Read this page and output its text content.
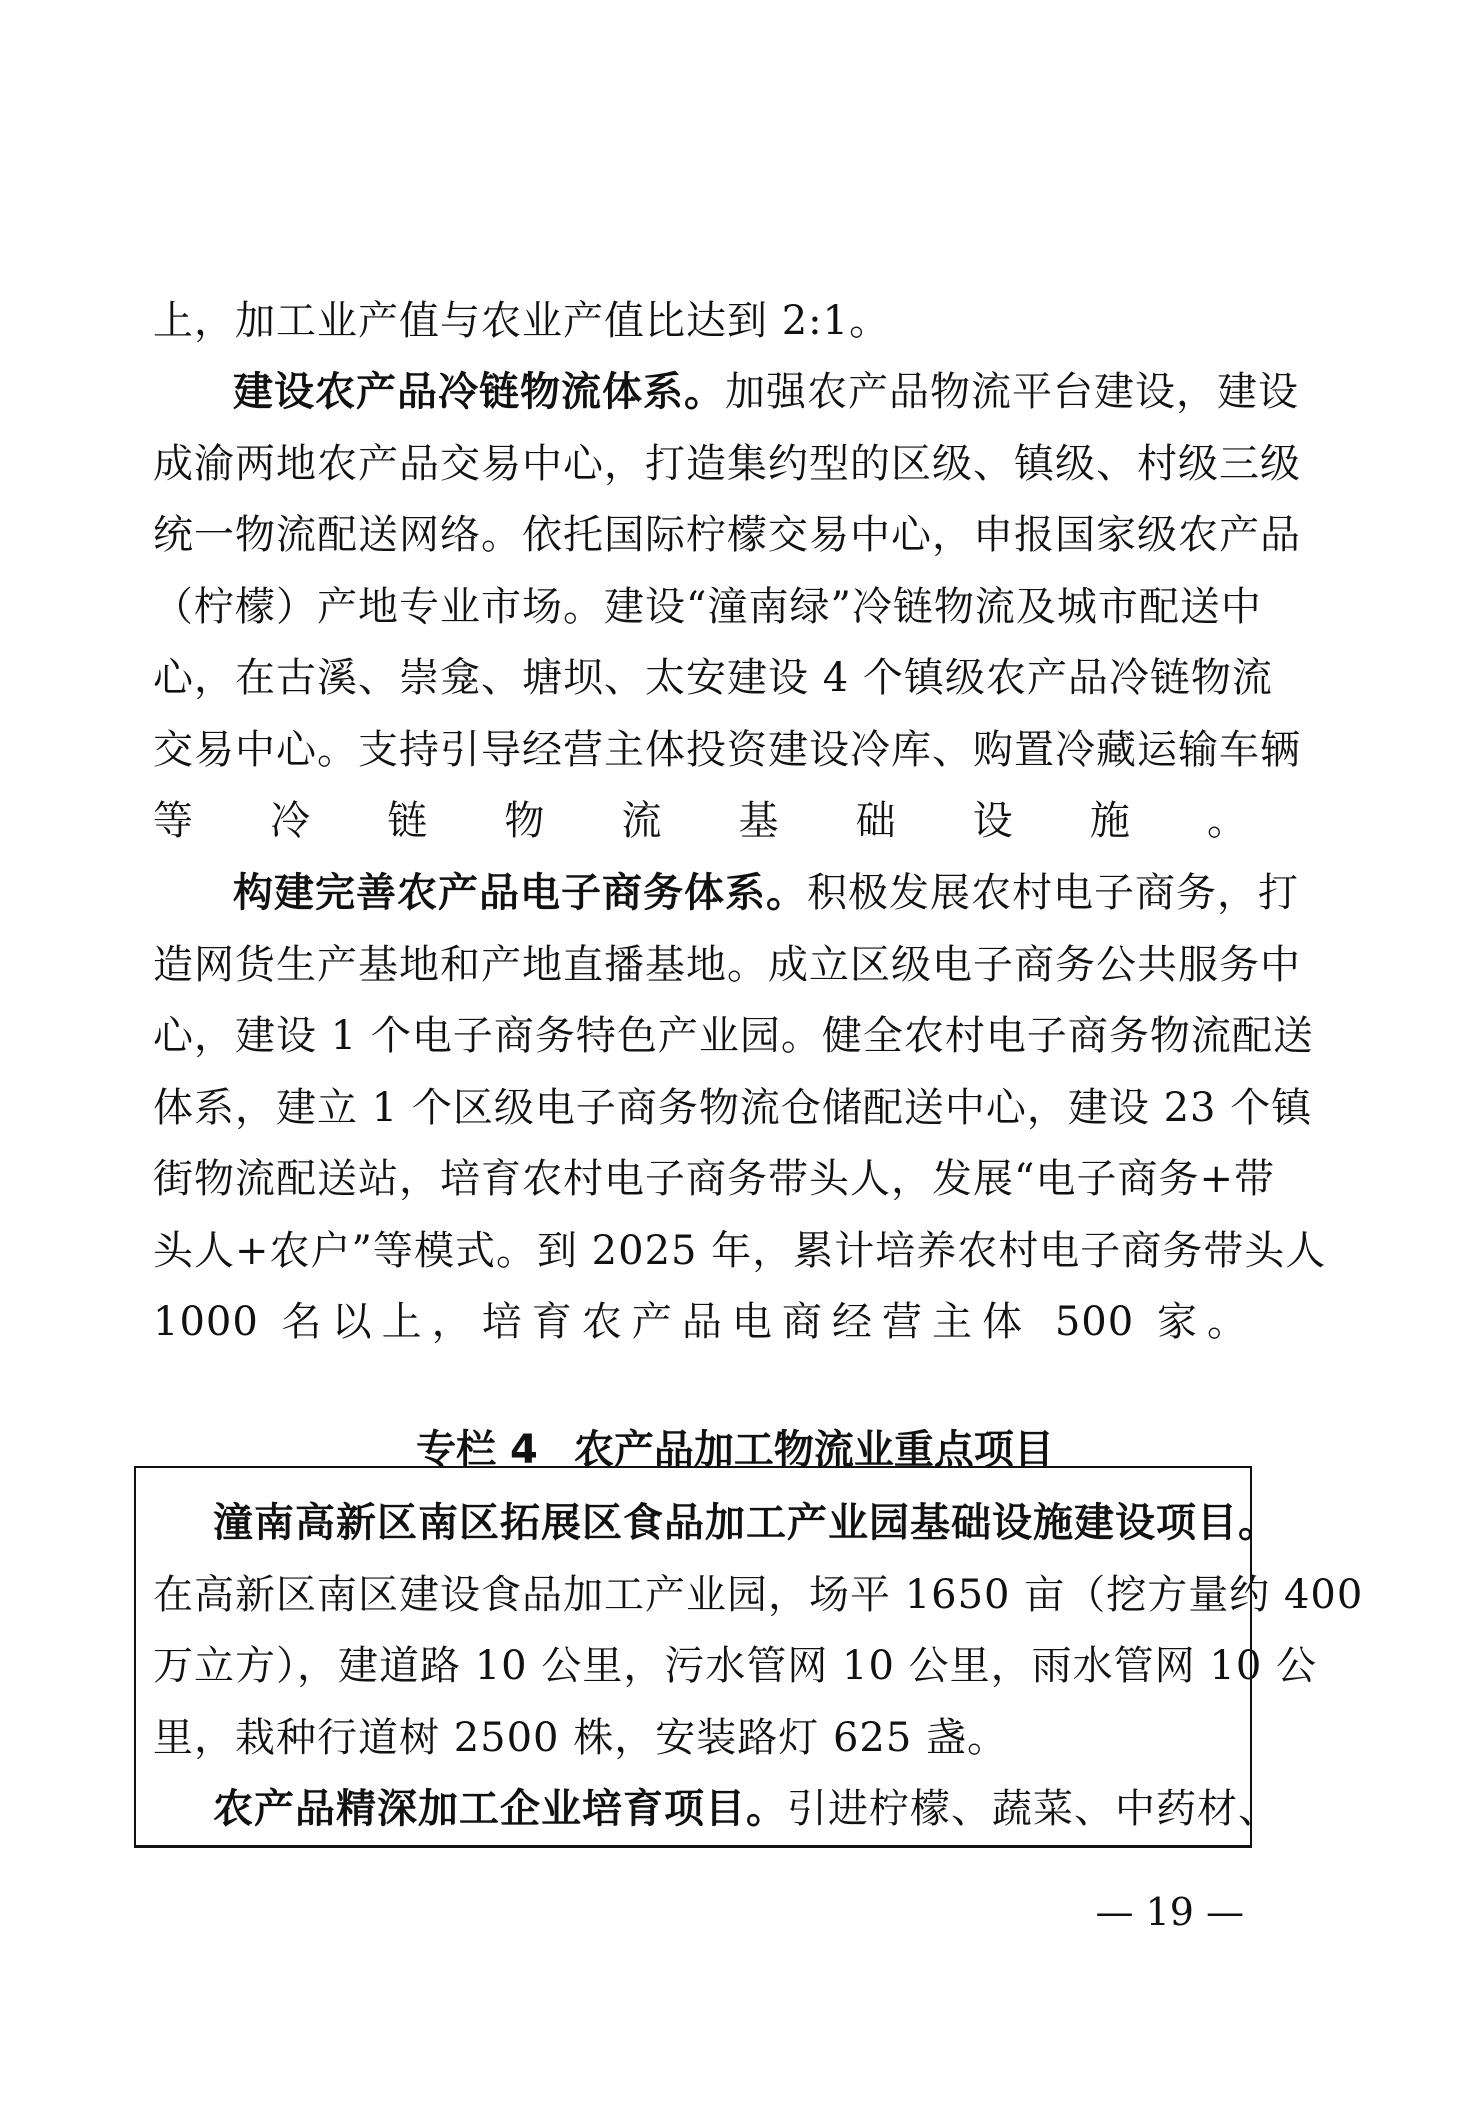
上，加工业产值与农业产值比达到 2:1。
建设农产品冷链物流体系。加强农产品物流平台建设，建设
成渝两地农产品交易中心，打造集约型的区级、镇级、村级三级
统一物流配送网络。依托国际柠檬交易中心，申报国家级农产品
（柠檬）产地专业市场。建设“潼南绿”冷链物流及城市配送中
心，在古溪、崇龛、塘坝、太安建设 4 个镇级农产品冷链物流
交易中心。支持引导经营主体投资建设冷库、购置冷藏运输车辆
等冷链物流基础设施。
构建完善农产品电子商务体系。积极发展农村电子商务，打
造网货生产基地和产地直播基地。成立区级电子商务公共服务中
心，建设 1 个电子商务特色产业园。健全农村电子商务物流配送
体系，建立 1 个区级电子商务物流仓储配送中心，建设 23 个镇
街物流配送站，培育农村电子商务带头人，发展“电子商务+带
头人+农户”等模式。到 2025 年，累计培养农村电子商务带头人
1000 名以上，培育农产品电商经营主体 500 家。
专栏 4 农产品加工物流业重点项目
潼南高新区南区拓展区食品加工产业园基础设施建设项目。
在高新区南区建设食品加工产业园，场平 1650 亩（挖方量约 400
万立方），建道路 10 公里，污水管网 10 公里，雨水管网 10 公
里，栽种行道树 2500 株，安装路灯 625 盏。
农产品精深加工企业培育项目。引进柠檬、蔬菜、中药材、
— 19 —
